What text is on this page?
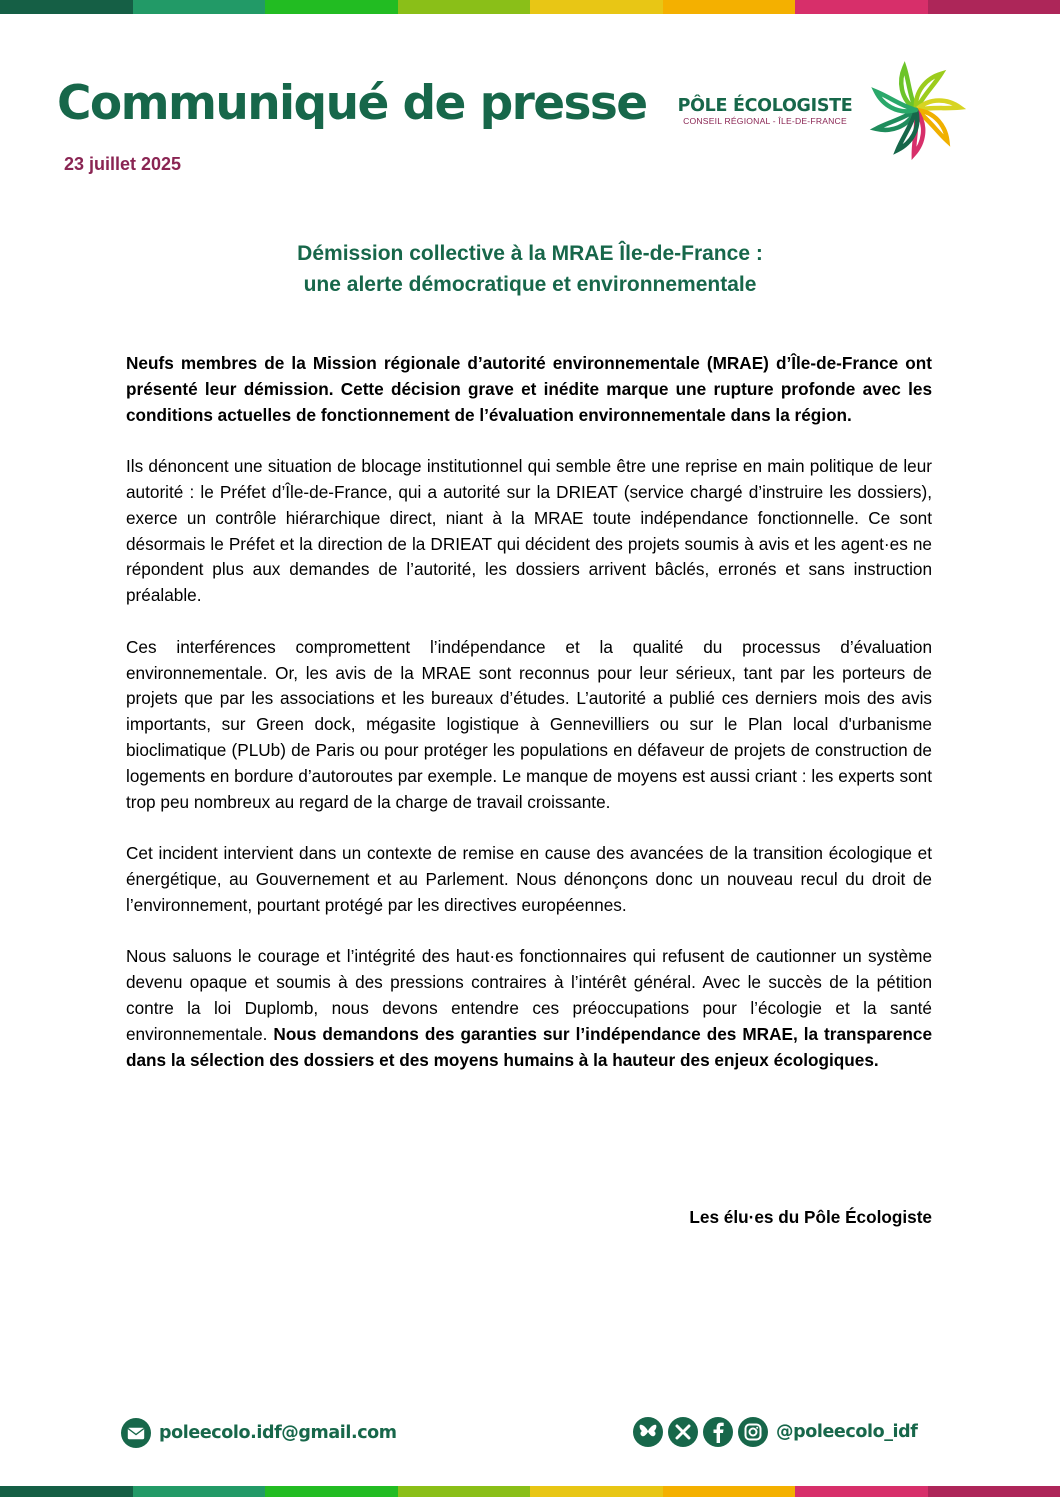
Communiqué de presse
23 juillet 2025
PÔLE ÉCOLOGISTE
CONSEIL RÉGIONAL - ÎLE-DE-FRANCE
Démission collective à la MRAE Île-de-France :
une alerte démocratique et environnementale

Neufs membres de la Mission régionale d’autorité environnementale (MRAE) d’Île-de-France ont présenté leur démission. Cette décision grave et inédite marque une rupture profonde avec les conditions actuelles de fonctionnement de l’évaluation environnementale dans la région.

Ils dénoncent une situation de blocage institutionnel qui semble être une reprise en main politique de leur autorité : le Préfet d’Île-de-France, qui a autorité sur la DRIEAT (service chargé d’instruire les dossiers), exerce un contrôle hiérarchique direct, niant à la MRAE toute indépendance fonctionnelle. Ce sont désormais le Préfet et la direction de la DRIEAT qui décident des projets soumis à avis et les agent·es ne répondent plus aux demandes de l’autorité, les dossiers arrivent bâclés, erronés et sans instruction préalable.

Ces interférences compromettent l’indépendance et la qualité du processus d’évaluation environnementale. Or, les avis de la MRAE sont reconnus pour leur sérieux, tant par les porteurs de projets que par les associations et les bureaux d’études. L’autorité a publié ces derniers mois des avis importants, sur Green dock, mégasite logistique à Gennevilliers ou sur le Plan local d'urbanisme bioclimatique (PLUb) de Paris ou pour protéger les populations en défaveur de projets de construction de logements en bordure d’autoroutes par exemple. Le manque de moyens est aussi criant : les experts sont trop peu nombreux au regard de la charge de travail croissante.

Cet incident intervient dans un contexte de remise en cause des avancées de la transition écologique et énergétique, au Gouvernement et au Parlement. Nous dénonçons donc un nouveau recul du droit de l’environnement, pourtant protégé par les directives européennes.

Nous saluons le courage et l’intégrité des haut·es fonctionnaires qui refusent de cautionner un système devenu opaque et soumis à des pressions contraires à l’intérêt général. Avec le succès de la pétition contre la loi Duplomb, nous devons entendre ces préoccupations pour l’écologie et la santé environnementale. Nous demandons des garanties sur l’indépendance des MRAE, la transparence dans la sélection des dossiers et des moyens humains à la hauteur des enjeux écologiques.

Les élu·es du Pôle Écologiste
poleecolo.idf@gmail.com	@poleecolo_idf
